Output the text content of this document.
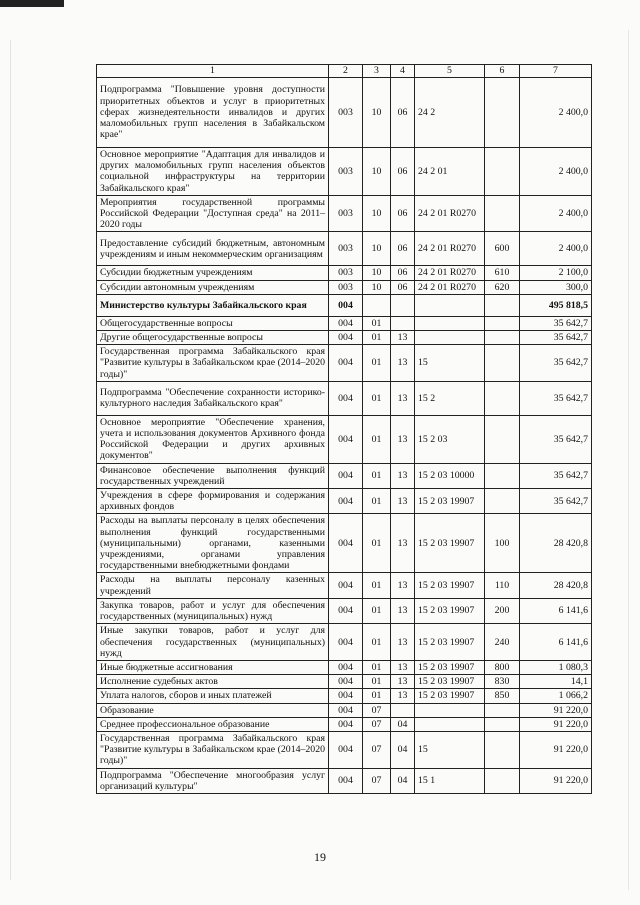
1	2	3	4	5	6	7
Подпрограмма "Повышение уровня доступности приоритетных объектов и услуг в приоритетных сферах жизнедеятельности инвалидов и других маломобильных групп населения в Забайкальском крае"	003	10	06	24 2		2 400,0
Основное мероприятие "Адаптация для инвалидов и других маломобильных групп населения объектов социальной инфраструктуры на территории Забайкальского края"	003	10	06	24 2 01		2 400,0
Мероприятия государственной программы Российской Федерации "Доступная среда" на 2011–2020 годы	003	10	06	24 2 01 R0270		2 400,0
Предоставление субсидий бюджетным, автономным учреждениям и иным некоммерческим организациям	003	10	06	24 2 01 R0270	600	2 400,0
Субсидии бюджетным учреждениям	003	10	06	24 2 01 R0270	610	2 100,0
Субсидии автономным учреждениям	003	10	06	24 2 01 R0270	620	300,0
Министерство культуры Забайкальского края	004					495 818,5
Общегосударственные вопросы	004	01				35 642,7
Другие общегосударственные вопросы	004	01	13			35 642,7
Государственная программа Забайкальского края "Развитие культуры в Забайкальском крае (2014–2020 годы)"	004	01	13	15		35 642,7
Подпрограмма "Обеспечение сохранности историко-культурного наследия Забайкальского края"	004	01	13	15 2		35 642,7
Основное мероприятие "Обеспечение хранения, учета и использования документов Архивного фонда Российской Федерации и других архивных документов"	004	01	13	15 2 03		35 642,7
Финансовое обеспечение выполнения функций государственных учреждений	004	01	13	15 2 03 10000		35 642,7
Учреждения в сфере формирования и содержания архивных фондов	004	01	13	15 2 03 19907		35 642,7
Расходы на выплаты персоналу в целях обеспечения выполнения функций государственными (муниципальными) органами, казенными учреждениями, органами управления государственными внебюджетными фондами	004	01	13	15 2 03 19907	100	28 420,8
Расходы на выплаты персоналу казенных учреждений	004	01	13	15 2 03 19907	110	28 420,8
Закупка товаров, работ и услуг для обеспечения государственных (муниципальных) нужд	004	01	13	15 2 03 19907	200	6 141,6
Иные закупки товаров, работ и услуг для обеспечения государственных (муниципальных) нужд	004	01	13	15 2 03 19907	240	6 141,6
Иные бюджетные ассигнования	004	01	13	15 2 03 19907	800	1 080,3
Исполнение судебных актов	004	01	13	15 2 03 19907	830	14,1
Уплата налогов, сборов и иных платежей	004	01	13	15 2 03 19907	850	1 066,2
Образование	004	07				91 220,0
Среднее профессиональное образование	004	07	04			91 220,0
Государственная программа Забайкальского края "Развитие культуры в Забайкальском крае (2014–2020 годы)"	004	07	04	15		91 220,0
Подпрограмма "Обеспечение многообразия услуг организаций культуры"	004	07	04	15 1		91 220,0
19
